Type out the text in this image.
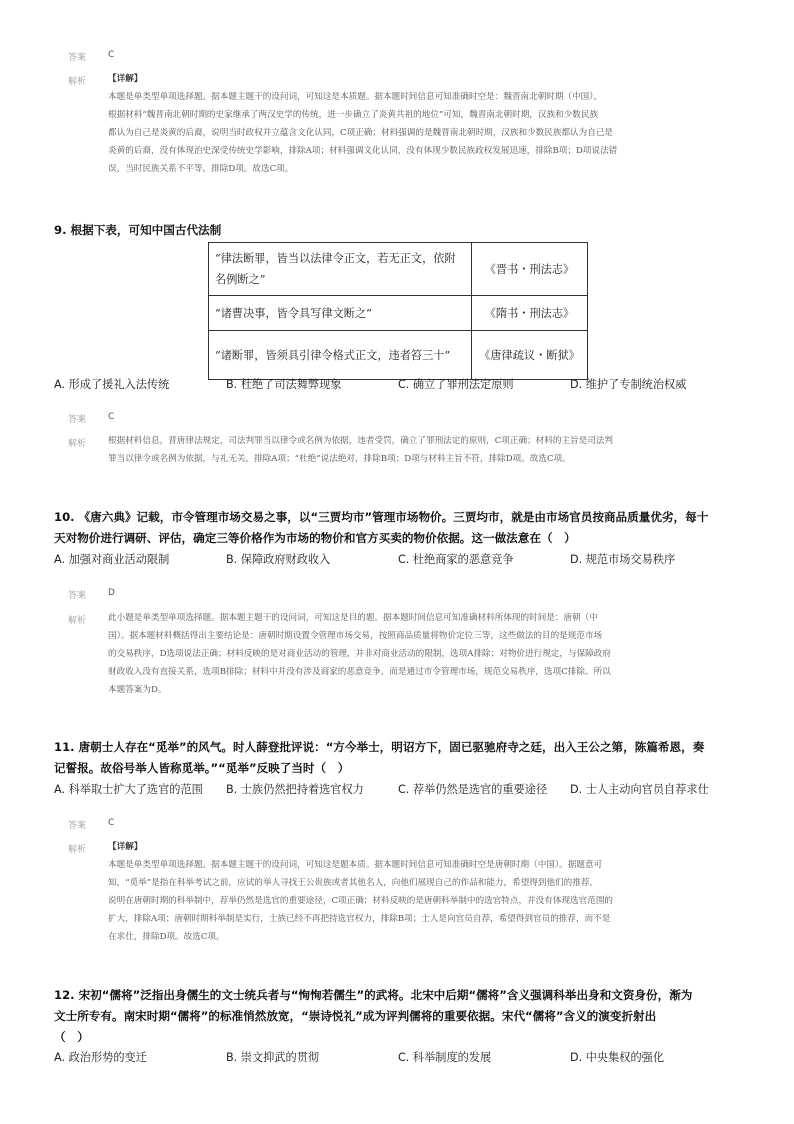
答案 C
解析	【详解】
本题是单类型单项选择题。据本题主题干的设问词，可知这是本质题。据本题时间信息可知准确时空是：魏晋南北朝时期（中国）。
根据材料“魏晋南北朝时期的史家继承了两汉史学的传统，进一步确立了炎黄共祖的地位”可知，魏晋南北朝时期，汉族和少数民族
都认为自己是炎黄的后裔，说明当时政权并立蕴含文化认同，C项正确；材料强调的是魏晋南北朝时期，汉族和少数民族都认为自己是
炎黄的后裔，没有体现治史深受传统史学影响，排除A项；材料强调文化认同，没有体现少数民族政权发展迅速，排除B项；D项说法错
误，当时民族关系不平等，排除D项。故选C项。
9. 根据下表，可知中国古代法制
“律法断罪，皆当以法律令正文，若无正文，依附名例断之”	《晋书・刑法志》
“诸曹决事，皆令具写律文断之”	《隋书・刑法志》
“诸断罪，皆须具引律令格式正文，违者笞三十”	《唐律疏议・断狱》
A. 形成了援礼入法传统	B. 杜绝了司法舞弊现象	C. 确立了罪刑法定原则	D. 维护了专制统治权威
答案 C
解析	根据材料信息，晋唐律法规定，司法判罪当以律令或名例为依据，违者受罚，确立了罪刑法定的原则，C项正确；材料的主旨是司法判
罪当以律令或名例为依据，与礼无关，排除A项；“杜绝”说法绝对，排除B项；D项与材料主旨不符，排除D项。故选C项。
10. 《唐六典》记载，市令管理市场交易之事，以“三贾均市”管理市场物价。三贾均市，就是由市场官员按商品质量优劣，每十
天对物价进行调研、评估，确定三等价格作为市场的物价和官方买卖的物价依据。这一做法意在（　）
A. 加强对商业活动限制	B. 保障政府财政收入	C. 杜绝商家的恶意竞争	D. 规范市场交易秩序
答案 D
解析	此小题是单类型单项选择题。据本题主题干的设问词，可知这是目的题。据本题时间信息可知准确材料所体现的时间是：唐朝（中
国）。据本题材料概括得出主要结论是：唐朝时期设置令管理市场交易，按照商品质量将物价定位三等，这些做法的目的是规范市场
的交易秩序，D选项说法正确；材料反映的是对商业活动的管理，并非对商业活动的限制，选项A排除；对物价进行规定，与保障政府
财政收入没有直接关系，选项B排除；材料中并没有涉及商家的恶意竞争，而是通过市令管理市场，规范交易秩序，选项C排除。所以
本题答案为D。
11. 唐朝士人存在“觅举”的风气。时人薛登批评说：“方今举士，明诏方下，固已驱驰府寺之廷，出入王公之第，陈篇希恩，奏
记誓报。故俗号举人皆称觅举。”“觅举”反映了当时（　）
A. 科举取士扩大了选官的范围 B. 士族仍然把持着选官权力	C. 荐举仍然是选官的重要途径 D. 士人主动向官员自荐求仕
答案 C
解析	【详解】
本题是单类型单项选择题。据本题主题干的设问词，可知这是题本质。据本题时间信息可知准确时空是唐朝时期（中国）。据题意可
知，“觅举”是指在科举考试之前，应试的举人寻找王公贵族或者其他名人，向他们展现自己的作品和能力，希望得到他们的推荐，
说明在唐朝时期的科举制中，荐举仍然是选官的重要途径，C项正确；材料反映的是唐朝科举制中的选官特点，并没有体现选官范围的
扩大，排除A项；唐朝时期科举制是实行，士族已经不再把持选官权力，排除B项；士人是向官员自荐，希望得到官员的推荐，而不是
在求仕，排除D项。故选C项。
12. 宋初“儒将”泛指出身儒生的文士统兵者与“恂恂若儒生”的武将。北宋中后期“儒将”含义强调科举出身和文资身份，渐为
文士所专有。南宋时期“儒将”的标准悄然放宽，“崇诗悦礼”成为评判儒将的重要依据。宋代“儒将”含义的演变折射出
（　）
A. 政治形势的变迁	B. 崇文抑武的贯彻	C. 科举制度的发展	D. 中央集权的强化
